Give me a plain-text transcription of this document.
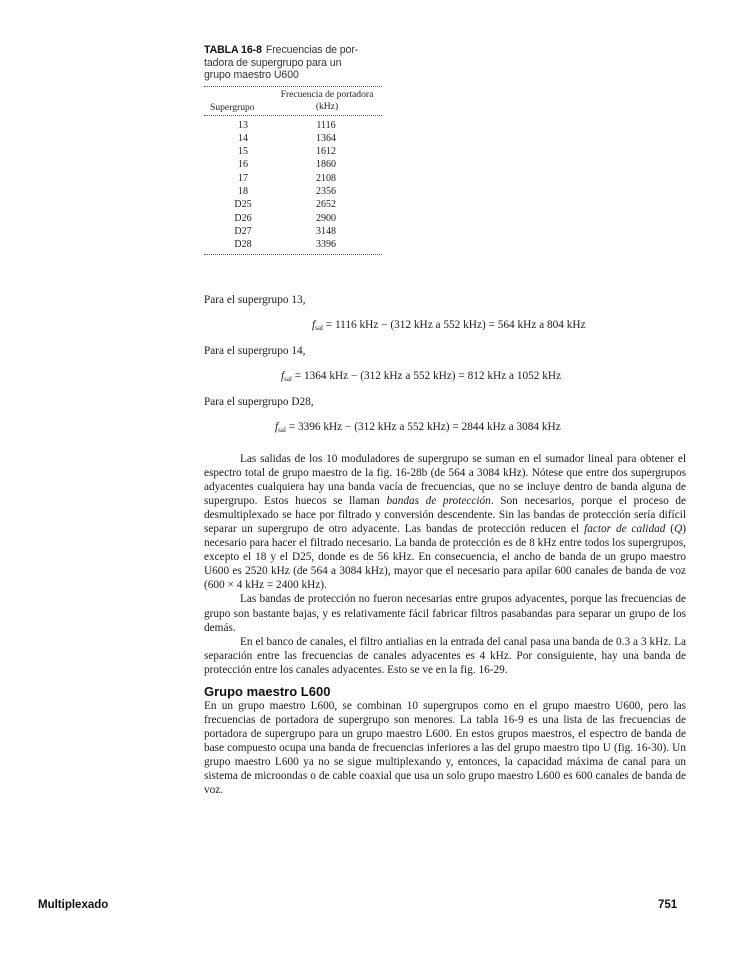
TABLA 16-8 Frecuencias de por-
tadora de supergrupo para un
grupo maestro U600
Supergrupo
Frecuencia de portadora
(kHz)
13	1116
14	1364
15	1612
16	1860
17	2108
18	2356
D25	2652
D26	2900
D27	3148
D28	3396
Para el supergrupo 13,
$f_{sal} = 1116$ kHz − (312 kHz a 552 kHz) = 564 kHz a 804 kHz
Para el supergrupo 14,
$f_{sal} = 1364$ kHz − (312 kHz a 552 kHz) = 812 kHz a 1052 kHz
Para el supergrupo D28,
$f_{sal} = 3396$ kHz − (312 kHz a 552 kHz) = 2844 kHz a 3084 kHz

Las salidas de los 10 moduladores de supergrupo se suman en el sumador lineal para obtener el espectro total de grupo maestro de la fig. 16-28b (de 564 a 3084 kHz). Nótese que entre dos supergrupos adyacentes cualquiera hay una banda vacía de frecuencias, que no se incluye dentro de banda alguna de supergrupo. Estos huecos se llaman bandas de protección. Son necesarios, porque el proceso de desmultiplexado se hace por filtrado y conversión descendente. Sin las bandas de protección sería difícil separar un supergrupo de otro adyacente. Las bandas de protección reducen el factor de calidad (Q) necesario para hacer el filtrado necesario. La banda de protección es de 8 kHz entre todos los supergrupos, excepto el 18 y el D25, donde es de 56 kHz. En consecuencia, el ancho de banda de un grupo maestro U600 es 2520 kHz (de 564 a 3084 kHz), mayor que el necesario para apilar 600 canales de banda de voz (600 × 4 kHz = 2400 kHz).

Las bandas de protección no fueron necesarias entre grupos adyacentes, porque las frecuencias de grupo son bastante bajas, y es relativamente fácil fabricar filtros pasabandas para separar un grupo de los demás.

En el banco de canales, el filtro antialias en la entrada del canal pasa una banda de 0.3 a 3 kHz. La separación entre las frecuencias de canales adyacentes es 4 kHz. Por consiguiente, hay una banda de protección entre los canales adyacentes. Esto se ve en la fig. 16-29.

Grupo maestro L600

En un grupo maestro L600, se combinan 10 supergrupos como en el grupo maestro U600, pero las frecuencias de portadora de supergrupo son menores. La tabla 16-9 es una lista de las frecuencias de portadora de supergrupo para un grupo maestro L600. En estos grupos maestros, el espectro de banda de base compuesto ocupa una banda de frecuencias inferiores a las del grupo maestro tipo U (fig. 16-30). Un grupo maestro L600 ya no se sigue multiplexando y, entonces, la capacidad máxima de canal para un sistema de microondas o de cable coaxial que usa un solo grupo maestro L600 es 600 canales de banda de voz.

Multiplexado	751
